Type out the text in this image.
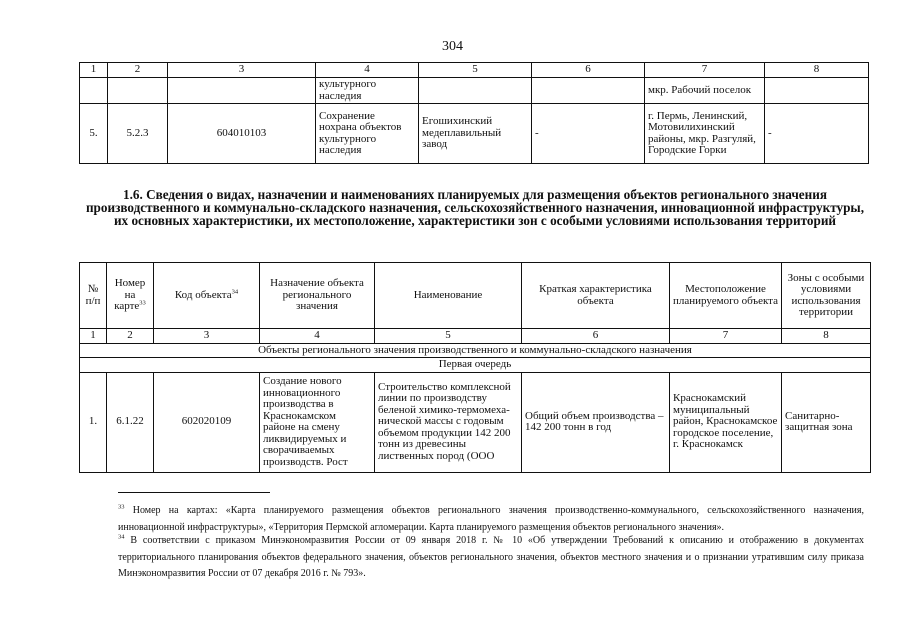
304
1	2	3	4	5	6	7	8
			культурного наследия			мкр. Рабочий поселок	
5.	5.2.3	604010103	Сохранение нохрана объектов культурного наследия	Егошихинский медеплавильный завод	-	г. Пермь, Ленинский, Мотовилихинский районы, мкр. Разгуляй, Городские Горки	-
1.6. Сведения о видах, назначении и наименованиях планируемых для размещения объектов регионального значения производственного и коммунально-складского назначения, сельскохозяйственного назначения, инновационной инфраструктуры, их основных характеристики, их местоположение, характеристики зон с особыми условиями использования территорий
№ п/п	Номер на карте$^{33}$	Код объекта$^{34}$	Назначение объекта регионального значения	Наименование	Краткая характеристика объекта	Местоположение планируемого объекта	Зоны с особыми условиями использования территории
1	2	3	4	5	6	7	8
Объекты регионального значения производственного и коммунально-складского назначения							
Первая очередь							
1.	6.1.22	602020109	Создание нового инновационного производства в Краснокамском районе на смену ликвидируемых и сворачиваемых производств. Рост	Строительство комплексной линии по производству беленой химико-термомеха-нической массы с годовым объемом продукции 142 200 тонн из древесины лиственных пород (ООО	Общий объем производства – 142 200 тонн в год	Краснокамский муниципальный район, Краснокамское городское поселение, г. Краснокамск	Санитарно-защитная зона
$^{33}$ Номер на картах: «Карта планируемого размещения объектов регионального значения производственно-коммунального, сельскохозяйственного назначения, инновационной инфраструктуры», «Территория Пермской агломерации. Карта планируемого размещения объектов регионального значения».
$^{34}$ В соответствии с приказом Минэкономразвития России от 09 января 2018 г. № 10 «Об утверждении Требований к описанию и отображению в документах территориального планирования объектов федерального значения, объектов регионального значения, объектов местного значения и о признании утратившим силу приказа Минэкономразвития России от 07 декабря 2016 г. № 793».
